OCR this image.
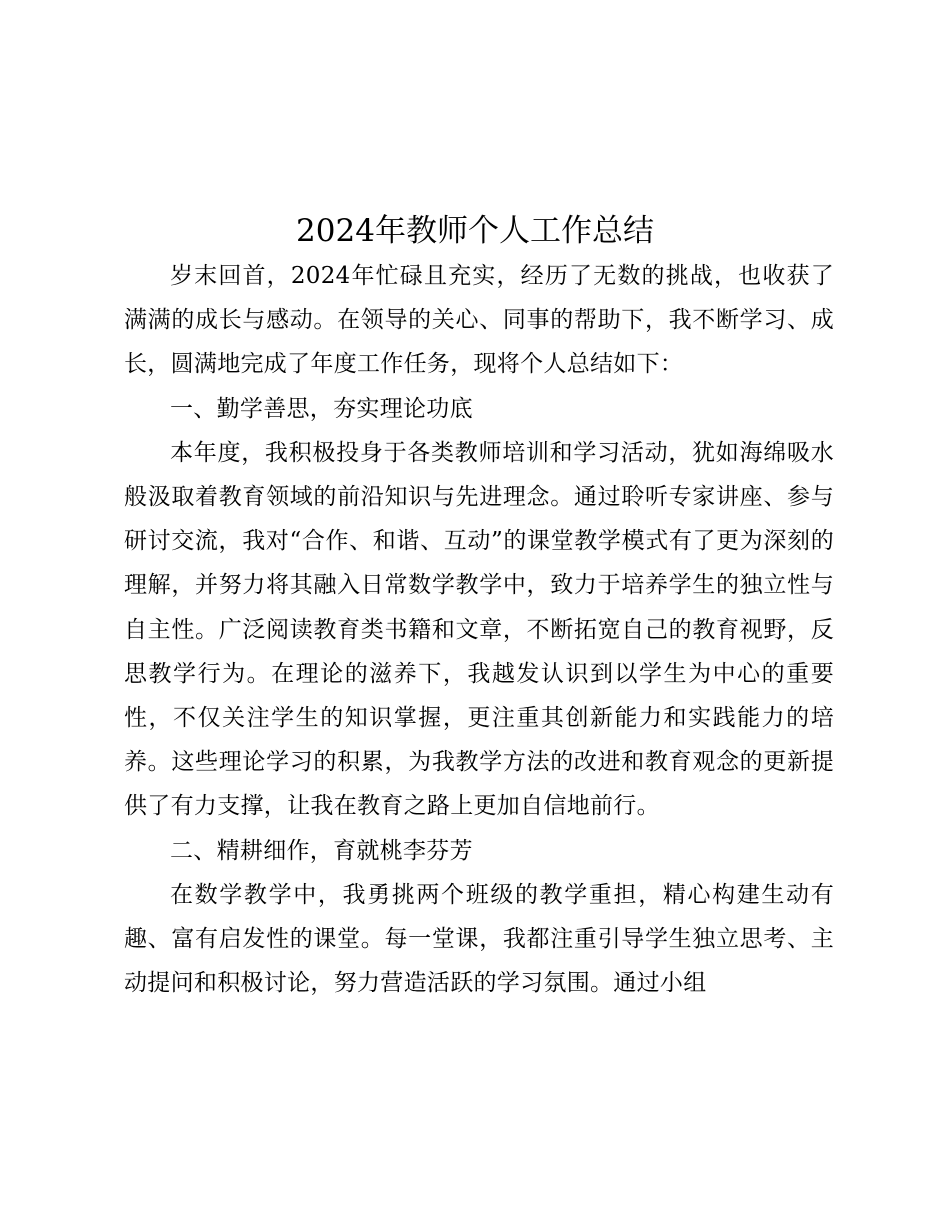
2024年教师个人工作总结

岁末回首，2024年忙碌且充实，经历了无数的挑战，也收获了满满的成长与感动。在领导的关心、同事的帮助下，我不断学习、成长，圆满地完成了年度工作任务，现将个人总结如下：

一、勤学善思，夯实理论功底

本年度，我积极投身于各类教师培训和学习活动，犹如海绵吸水般汲取着教育领域的前沿知识与先进理念。通过聆听专家讲座、参与研讨交流，我对“合作、和谐、互动”的课堂教学模式有了更为深刻的理解，并努力将其融入日常数学教学中，致力于培养学生的独立性与自主性。广泛阅读教育类书籍和文章，不断拓宽自己的教育视野，反思教学行为。在理论的滋养下，我越发认识到以学生为中心的重要性，不仅关注学生的知识掌握，更注重其创新能力和实践能力的培养。这些理论学习的积累，为我教学方法的改进和教育观念的更新提供了有力支撑，让我在教育之路上更加自信地前行。

二、精耕细作，育就桃李芬芳

在数学教学中，我勇挑两个班级的教学重担，精心构建生动有趣、富有启发性的课堂。每一堂课，我都注重引导学生独立思考、主动提问和积极讨论，努力营造活跃的学习氛围。通过小组
